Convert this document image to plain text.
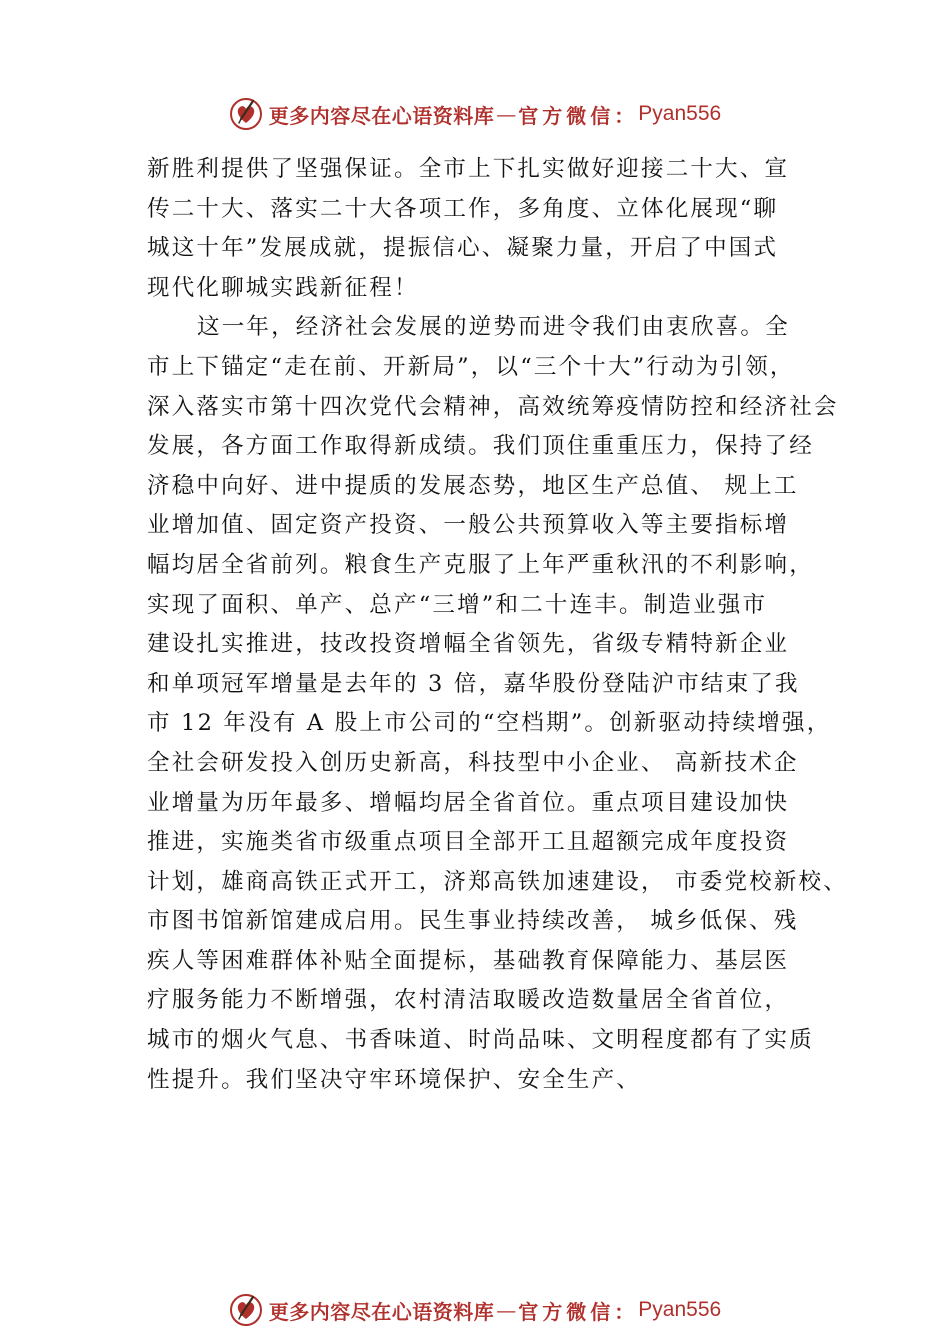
更多内容尽在心语资料库 — 官方微信： Pyan556
新胜利提供了坚强保证。全市上下扎实做好迎接二十大、宣
传二十大、落实二十大各项工作，多角度、立体化展现“聊
城这十年”发展成就，提振信心、凝聚力量，开启了中国式
现代化聊城实践新征程！
这一年，经济社会发展的逆势而进令我们由衷欣喜。全
市上下锚定“走在前、开新局”，以“三个十大”行动为引领，
深入落实市第十四次党代会精神，高效统筹疫情防控和经济社会
发展，各方面工作取得新成绩。我们顶住重重压力，保持了经
济稳中向好、进中提质的发展态势，地区生产总值、 规上工
业增加值、固定资产投资、一般公共预算收入等主要指标增
幅均居全省前列。粮食生产克服了上年严重秋汛的不利影响，
实现了面积、单产、总产“三增”和二十连丰。制造业强市
建设扎实推进，技改投资增幅全省领先，省级专精特新企业
和单项冠军增量是去年的 3 倍，嘉华股份登陆沪市结束了我
市 12 年没有 A 股上市公司的“空档期”。创新驱动持续增强，
全社会研发投入创历史新高，科技型中小企业、 高新技术企
业增量为历年最多、增幅均居全省首位。重点项目建设加快
推进，实施类省市级重点项目全部开工且超额完成年度投资
计划，雄商高铁正式开工，济郑高铁加速建设， 市委党校新校、
市图书馆新馆建成启用。民生事业持续改善， 城乡低保、残
疾人等困难群体补贴全面提标，基础教育保障能力、基层医
疗服务能力不断增强，农村清洁取暖改造数量居全省首位，
城市的烟火气息、书香味道、时尚品味、文明程度都有了实质
性提升。我们坚决守牢环境保护、安全生产、
更多内容尽在心语资料库 — 官方微信： Pyan556
